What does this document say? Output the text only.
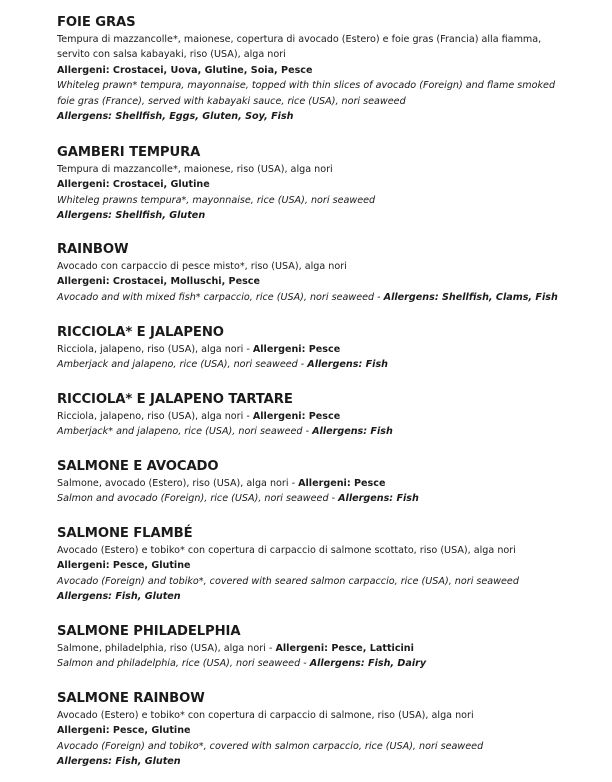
FOIE GRAS
Tempura di mazzancolle*, maionese, copertura di avocado (Estero) e foie gras (Francia) alla fiamma,
servito con salsa kabayaki, riso (USA), alga nori
Allergeni: Crostacei, Uova, Glutine, Soia, Pesce
Whiteleg prawn* tempura, mayonnaise, topped with thin slices of avocado (Foreign) and flame smoked
foie gras (France), served with kabayaki sauce, rice (USA), nori seaweed
Allergens: Shellfish, Eggs, Gluten, Soy, Fish
GAMBERI TEMPURA
Tempura di mazzancolle*, maionese, riso (USA), alga nori
Allergeni: Crostacei, Glutine
Whiteleg prawns tempura*, mayonnaise, rice (USA), nori seaweed
Allergens: Shellfish, Gluten
RAINBOW
Avocado con carpaccio di pesce misto*, riso (USA), alga nori
Allergeni: Crostacei, Molluschi, Pesce
Avocado and with mixed fish* carpaccio, rice (USA), nori seaweed - Allergens: Shellfish, Clams, Fish
RICCIOLA* E JALAPENO
Ricciola, jalapeno, riso (USA), alga nori - Allergeni: Pesce
Amberjack and jalapeno, rice (USA), nori seaweed - Allergens: Fish
RICCIOLA* E JALAPENO TARTARE
Ricciola, jalapeno, riso (USA), alga nori - Allergeni: Pesce
Amberjack* and jalapeno, rice (USA), nori seaweed - Allergens: Fish
SALMONE E AVOCADO
Salmone, avocado (Estero), riso (USA), alga nori - Allergeni: Pesce
Salmon and avocado (Foreign), rice (USA), nori seaweed - Allergens: Fish
SALMONE FLAMBÉ
Avocado (Estero) e tobiko* con copertura di carpaccio di salmone scottato, riso (USA), alga nori
Allergeni: Pesce, Glutine
Avocado (Foreign) and tobiko*, covered with seared salmon carpaccio, rice (USA), nori seaweed
Allergens: Fish, Gluten
SALMONE PHILADELPHIA
Salmone, philadelphia, riso (USA), alga nori - Allergeni: Pesce, Latticini
Salmon and philadelphia, rice (USA), nori seaweed - Allergens: Fish, Dairy
SALMONE RAINBOW
Avocado (Estero) e tobiko* con copertura di carpaccio di salmone, riso (USA), alga nori
Allergeni: Pesce, Glutine
Avocado (Foreign) and tobiko*, covered with salmon carpaccio, rice (USA), nori seaweed
Allergens: Fish, Gluten
